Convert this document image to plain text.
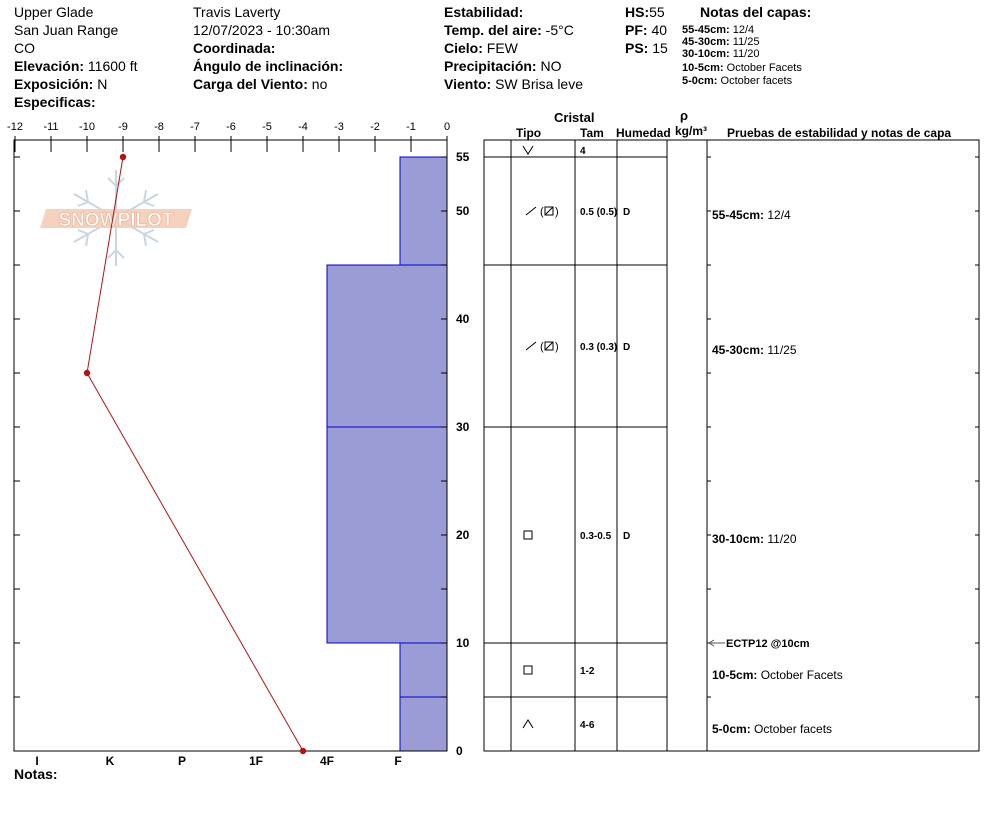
Upper Glade
San Juan Range
CO
Elevación: 11600 ft
Exposición: N
Especificas:
Travis Laverty
12/07/2023 - 10:30am
Coordinada:
Ángulo de inclinación:
Carga del Viento: no
Estabilidad:
Temp. del aire: -5°C
Cielo: FEW
Precipitación: NO
Viento: SW Brisa leve
HS:55
PF: 40
PS: 15
Notas del capas:
55-45cm: 12/4
45-30cm: 11/25
30-10cm: 11/20
10-5cm: October Facets
5-0cm: October facets
Cristal
Tipo	Tam Humedad
ρ
kg/m³ Pruebas de estabilidad y notas de capa
Notas:
SNOWPILOT
-12 -11 -10 -9 -8 -7 -6 -5 -4 -3 -2 -1	0
0
10
20
30
40
50
55
I	K	P	1F	4F	F
4
( ) 0.5 (0.5) D	55-45cm: 12/4
( ) 0.3 (0.3) D	45-30cm: 11/25
0.3-0.5 D	30-10cm: 11/20
1-2	10-5cm: October Facets
4-6	5-0cm: October facets
ECTP12 @10cm
